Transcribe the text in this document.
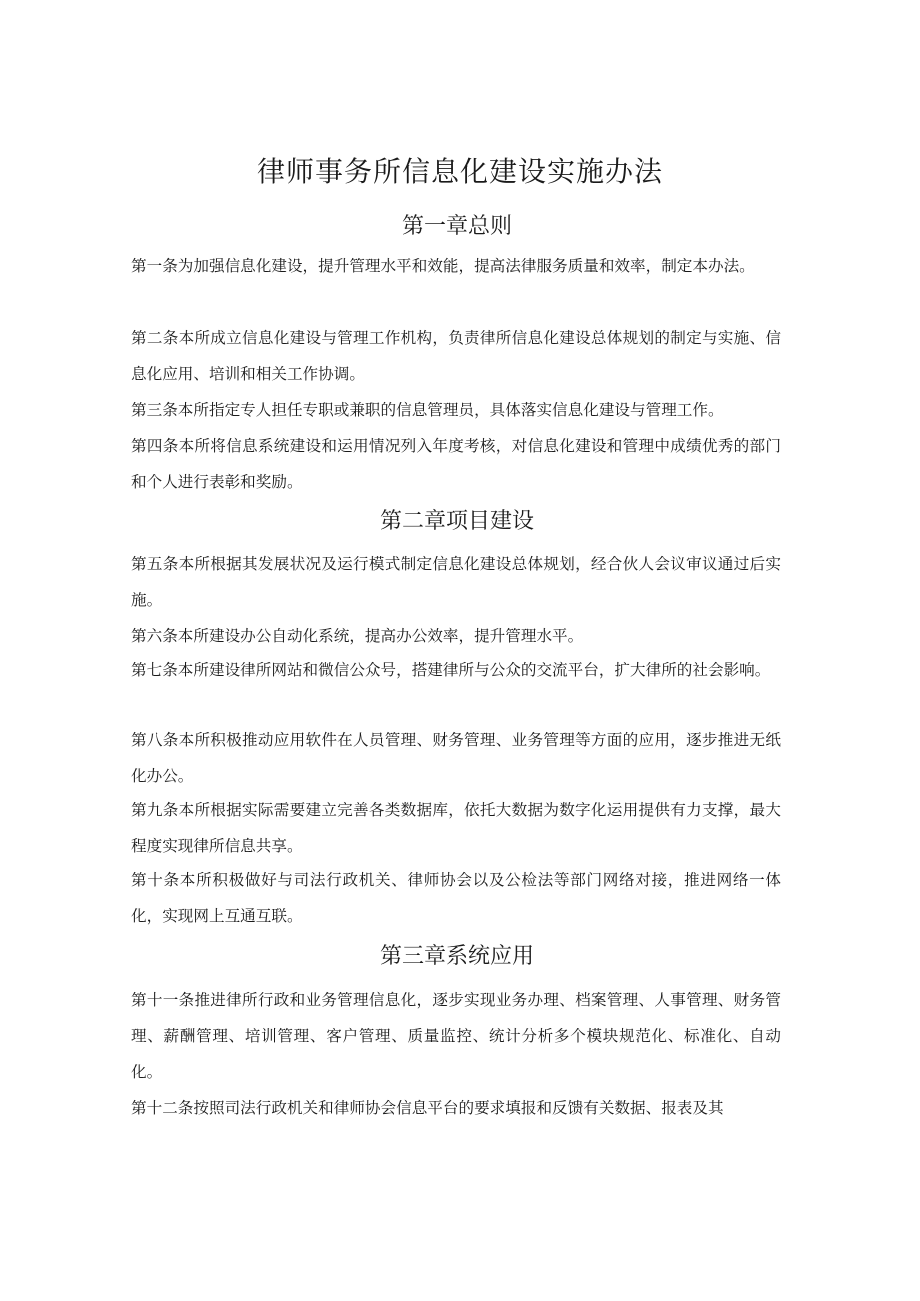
律师事务所信息化建设实施办法
第一章总则

第一条为加强信息化建设，提升管理水平和效能，提高法律服务质量和效率，制定本办法。

第二条本所成立信息化建设与管理工作机构，负责律所信息化建设总体规划的制定与实施、信息化应用、培训和相关工作协调。

第三条本所指定专人担任专职或兼职的信息管理员，具体落实信息化建设与管理工作。

第四条本所将信息系统建设和运用情况列入年度考核，对信息化建设和管理中成绩优秀的部门和个人进行表彰和奖励。

第二章项目建设

第五条本所根据其发展状况及运行模式制定信息化建设总体规划，经合伙人会议审议通过后实施。

第六条本所建设办公自动化系统，提高办公效率，提升管理水平。

第七条本所建设律所网站和微信公众号，搭建律所与公众的交流平台，扩大律所的社会影响。

第八条本所积极推动应用软件在人员管理、财务管理、业务管理等方面的应用，逐步推进无纸化办公。

第九条本所根据实际需要建立完善各类数据库，依托大数据为数字化运用提供有力支撑，最大程度实现律所信息共享。

第十条本所积极做好与司法行政机关、律师协会以及公检法等部门网络对接，推进网络一体化，实现网上互通互联。

第三章系统应用

第十一条推进律所行政和业务管理信息化，逐步实现业务办理、档案管理、人事管理、财务管理、薪酬管理、培训管理、客户管理、质量监控、统计分析多个模块规范化、标准化、自动化。

第十二条按照司法行政机关和律师协会信息平台的要求填报和反馈有关数据、报表及其
